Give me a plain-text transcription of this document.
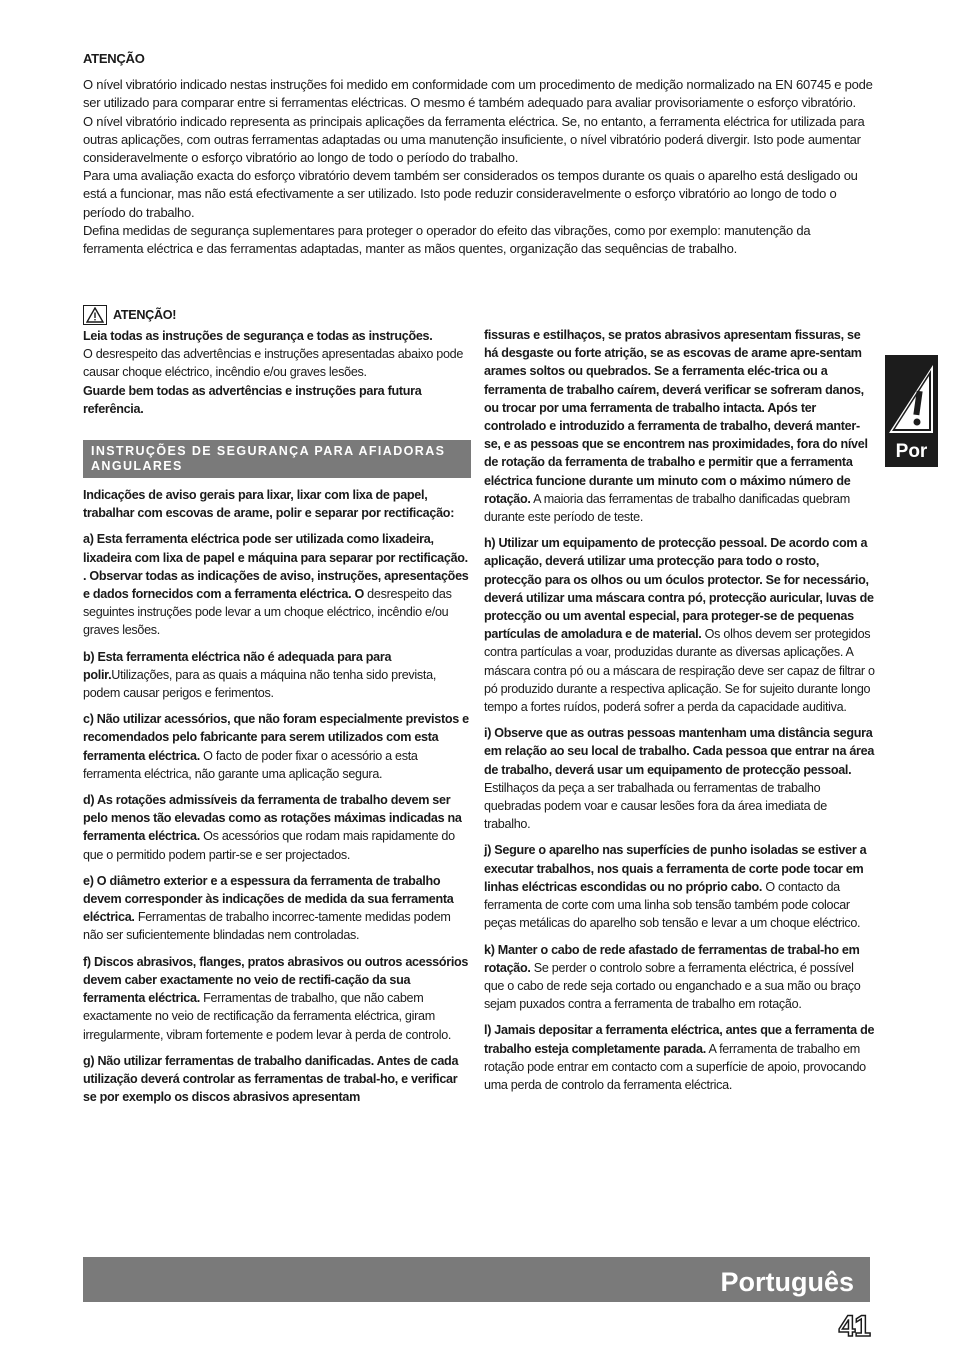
ATENÇÃO

O nível vibratório indicado nestas instruções foi medido em conformidade com um procedimento de medição normalizado na EN 60745 e pode ser utilizado para comparar entre si ferramentas eléctricas. O mesmo é também adequado para avaliar provisoriamente o esforço vibratório.

O nível vibratório indicado representa as principais aplicações da ferramenta eléctrica. Se, no entanto, a ferramenta eléctrica for utilizada para outras aplicações, com outras ferramentas adaptadas ou uma manutenção insuficiente, o nível vibratório poderá divergir. Isto pode aumentar consideravelmente o esforço vibratório ao longo de todo o período do trabalho.

Para uma avaliação exacta do esforço vibratório devem também ser considerados os tempos durante os quais o aparelho está desligado ou está a funcionar, mas não está efectivamente a ser utilizado. Isto pode reduzir consideravelmente o esforço vibratório ao longo de todo o período do trabalho.

Defina medidas de segurança suplementares para proteger o operador do efeito das vibrações, como por exemplo: manutenção da ferramenta eléctrica e das ferramentas adaptadas, manter as mãos quentes, organização das sequências de trabalho.

ATENÇÃO!

Leia todas as instruções de segurança e todas as instruções.
O desrespeito das advertências e instruções apresentadas abaixo pode causar choque eléctrico, incêndio e/ou graves lesões.
Guarde bem todas as advertências e instruções para futura referência.

INSTRUÇÕES DE SEGURANÇA PARA AFIADORAS ANGULARES

Indicações de aviso gerais para lixar, lixar com lixa de papel, trabalhar com escovas de arame, polir e separar por rectificação:

a) Esta ferramenta eléctrica pode ser utilizada como lixadeira, lixadeira com lixa de papel e máquina para separar por rectificação. . Observar todas as indicações de aviso, instruções, apresentações e dados fornecidos com a ferramenta eléctrica. O desrespeito das seguintes instruções pode levar a um choque eléctrico, incêndio e/ou graves lesões.

b) Esta ferramenta eléctrica não é adequada para para polir.Utilizações, para as quais a máquina não tenha sido prevista, podem causar perigos e ferimentos.

c) Não utilizar acessórios, que não foram especialmente previstos e recomendados pelo fabricante para serem utilizados com esta ferramenta eléctrica. O facto de poder fixar o acessório a esta ferramenta eléctrica, não garante uma aplicação segura.

d) As rotações admissíveis da ferramenta de trabalho devem ser pelo menos tão elevadas como as rotações máximas indicadas na ferramenta eléctrica. Os acessórios que rodam mais rapidamente do que o permitido podem partir-se e ser projectados.

e) O diâmetro exterior e a espessura da ferramenta de trabalho devem corresponder às indicações de medida da sua ferramenta eléctrica. Ferramentas de trabalho incorrec-tamente medidas podem não ser suficientemente blindadas nem controladas.

f) Discos abrasivos, flanges, pratos abrasivos ou outros acessórios devem caber exactamente no veio de rectifi-cação da sua ferramenta eléctrica. Ferramentas de trabalho, que não cabem exactamente no veio de rectificação da ferramenta eléctrica, giram irregularmente, vibram fortemente e podem levar à perda de controlo.

g) Não utilizar ferramentas de trabalho danificadas. Antes de cada utilização deverá controlar as ferramentas de trabal-ho, e verificar se por exemplo os discos abrasivos apresentam

fissuras e estilhaços, se pratos abrasivos apresentam fissuras, se há desgaste ou forte atrição, se as escovas de arame apre-sentam arames soltos ou quebrados. Se a ferramenta eléc-trica ou a ferramenta de trabalho caírem, deverá verificar se sofreram danos, ou trocar por uma ferramenta de trabalho intacta. Após ter controlado e introduzido a ferramenta de trabalho, deverá manter-se, e as pessoas que se encontrem nas proximidades, fora do nível de rotação da ferramenta de trabalho e permitir que a ferramenta eléctrica funcione durante um minuto com o máximo número de rotação. A maioria das ferramentas de trabalho danificadas quebram durante este período de teste.

h) Utilizar um equipamento de protecção pessoal. De acordo com a aplicação, deverá utilizar uma protecção para todo o rosto, protecção para os olhos ou um óculos protector. Se for necessário, deverá utilizar uma máscara contra pó, protecção auricular, luvas de protecção ou um avental especial, para proteger-se de pequenas partículas de amoladura e de material. Os olhos devem ser protegidos contra partículas a voar, produzidas durante as diversas aplicações. A máscara contra pó ou a máscara de respiração deve ser capaz de filtrar o pó produzido durante a respectiva aplicação. Se for sujeito durante longo tempo a fortes ruídos, poderá sofrer a perda da capacidade auditiva.

i) Observe que as outras pessoas mantenham uma distância segura em relação ao seu local de trabalho. Cada pessoa que entrar na área de trabalho, deverá usar um equipamento de protecção pessoal. Estilhaços da peça a ser trabalhada ou ferramentas de trabalho quebradas podem voar e causar lesões fora da área imediata de trabalho.

j) Segure o aparelho nas superfícies de punho isoladas se estiver a executar trabalhos, nos quais a ferramenta de corte pode tocar em linhas eléctricas escondidas ou no próprio cabo. O contacto da ferramenta de corte com uma linha sob tensão também pode colocar peças metálicas do aparelho sob tensão e levar a um choque eléctrico.

k) Manter o cabo de rede afastado de ferramentas de trabal-ho em rotação. Se perder o controlo sobre a ferramenta eléctrica, é possível que o cabo de rede seja cortado ou enganchado e a sua mão ou braço sejam puxados contra a ferramenta de trabalho em rotação.

l) Jamais depositar a ferramenta eléctrica, antes que a ferramenta de trabalho esteja completamente parada. A ferramenta de trabalho em rotação pode entrar em contacto com a superfície de apoio, provocando uma perda de controlo da ferramenta eléctrica.

Por
Português
41
